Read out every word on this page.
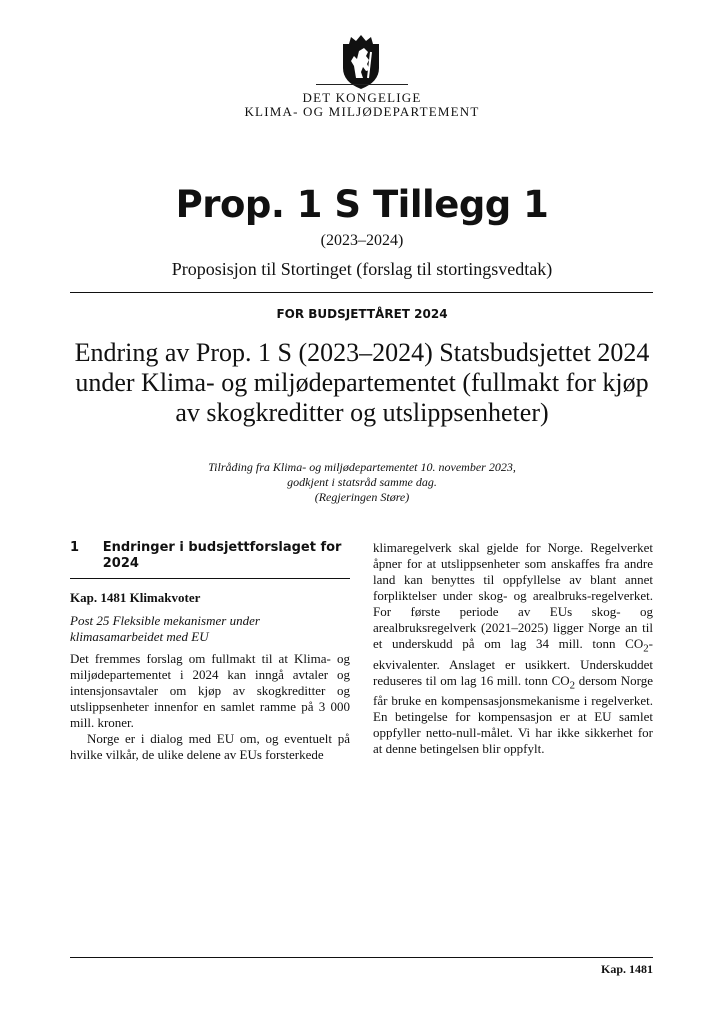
DET KONGELIGE
KLIMA- OG MILJØDEPARTEMENT
Prop. 1 S Tillegg 1
(2023–2024)
Proposisjon til Stortinget (forslag til stortingsvedtak)
FOR BUDSJETTÅRET 2024
Endring av Prop. 1 S (2023–2024) Statsbudsjettet 2024 under Klima- og miljødepartementet (fullmakt for kjøp av skogkreditter og utslippsenheter)
Tilråding fra Klima- og miljødepartementet 10. november 2023,
godkjent i statsråd samme dag.
(Regjeringen Støre)
1	Endringer i budsjettforslaget for 2024
Kap. 1481 Klimakvoter
Post 25 Fleksible mekanismer under klimasamarbeidet med EU

Det fremmes forslag om fullmakt til at Klima- og miljødepartementet i 2024 kan inngå avtaler og intensjonsavtaler om kjøp av skogkreditter og utslippsenheter innenfor en samlet ramme på 3 000 mill. kroner.

Norge er i dialog med EU om, og eventuelt på hvilke vilkår, de ulike delene av EUs forsterkede

klimaregelverk skal gjelde for Norge. Regelverket åpner for at utslippsenheter som anskaffes fra andre land kan benyttes til oppfyllelse av blant annet forpliktelser under skog- og arealbruks-regelverket. For første periode av EUs skog- og arealbruksregelverk (2021–2025) ligger Norge an til et underskudd på om lag 34 mill. tonn $CO_2$-ekvivalenter. Anslaget er usikkert. Underskuddet reduseres til om lag 16 mill. tonn $CO_2$ dersom Norge får bruke en kompensasjonsmekanisme i regelverket. En betingelse for kompensasjon er at EU samlet oppfyller netto-null-målet. Vi har ikke sikkerhet for at denne betingelsen blir oppfylt.

Kap. 1481
